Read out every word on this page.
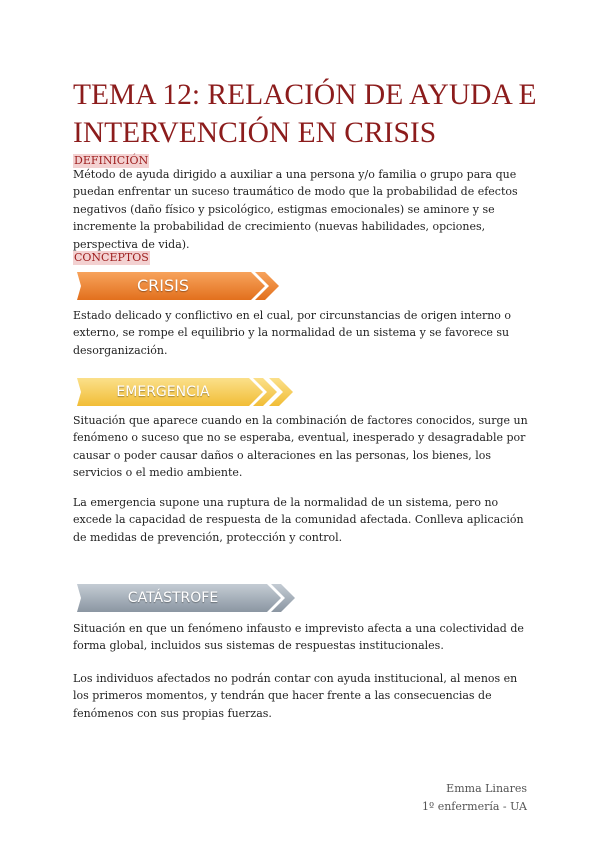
TEMA 12: RELACIÓN DE AYUDA E
INTERVENCIÓN EN CRISIS
DEFINICIÓN

Método de ayuda dirigido a auxiliar a una persona y/o familia o grupo para que puedan enfrentar un suceso traumático de modo que la probabilidad de efectos negativos (daño físico y psicológico, estigmas emocionales) se aminore y se incremente la probabilidad de crecimiento (nuevas habilidades, opciones, perspectiva de vida).

CONCEPTOS
CRISIS

Estado delicado y conflictivo en el cual, por circunstancias de origen interno o externo, se rompe el equilibrio y la normalidad de un sistema y se favorece su desorganización.

EMERGENCIA

Situación que aparece cuando en la combinación de factores conocidos, surge un fenómeno o suceso que no se esperaba, eventual, inesperado y desagradable por causar o poder causar daños o alteraciones en las personas, los bienes, los servicios o el medio ambiente.

La emergencia supone una ruptura de la normalidad de un sistema, pero no excede la capacidad de respuesta de la comunidad afectada. Conlleva aplicación de medidas de prevención, protección y control.

CATÁSTROFE

Situación en que un fenómeno infausto e imprevisto afecta a una colectividad de forma global, incluidos sus sistemas de respuestas institucionales.

Los individuos afectados no podrán contar con ayuda institucional, al menos en los primeros momentos, y tendrán que hacer frente a las consecuencias de fenómenos con sus propias fuerzas.

Emma Linares
1º enfermería - UA
